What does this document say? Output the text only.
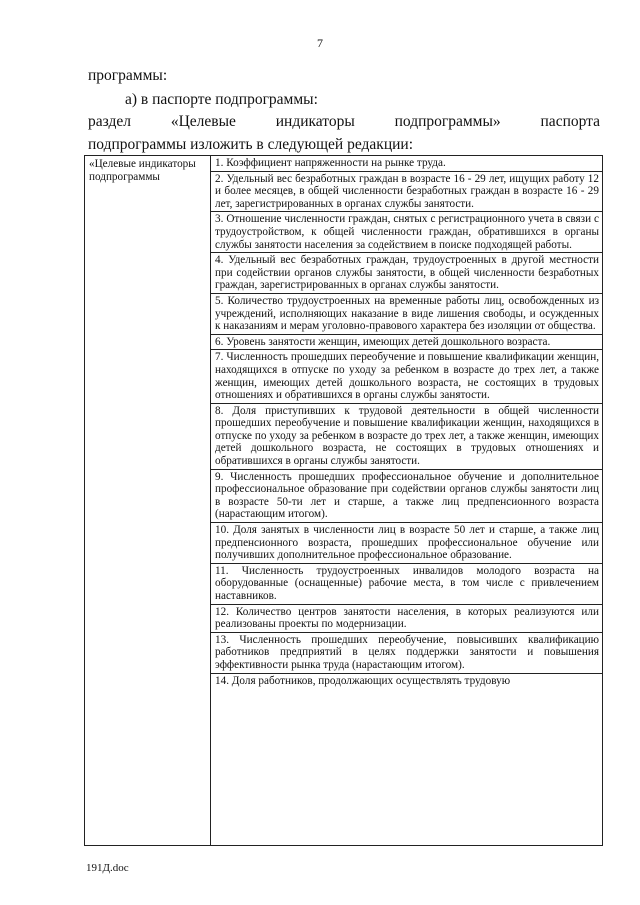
7
программы:
а) в паспорте подпрограммы:
раздел	«Целевые	индикаторы	подпрограммы»	паспорта
подпрограммы изложить в следующей редакции:
«Целевые индикаторы подпрограммы
1. Коэффициент напряженности на рынке труда.
2. Удельный вес безработных граждан в возрасте 16 - 29 лет, ищущих работу 12 и более месяцев, в общей численности безработных граждан в возрасте 16 - 29 лет, зарегистрированных в органах службы занятости.
3. Отношение численности граждан, снятых с регистрационного учета в связи с трудоустройством, к общей численности граждан, обратившихся в органы службы занятости населения за содействием в поиске подходящей работы.
4. Удельный вес безработных граждан, трудоустроенных в другой местности при содействии органов службы занятости, в общей численности безработных граждан, зарегистрированных в органах службы занятости.
5. Количество трудоустроенных на временные работы лиц, освобожденных из учреждений, исполняющих наказание в виде лишения свободы, и осужденных к наказаниям и мерам уголовно-правового характера без изоляции от общества.
6. Уровень занятости женщин, имеющих детей дошкольного возраста.
7. Численность прошедших переобучение и повышение квалификации женщин, находящихся в отпуске по уходу за ребенком в возрасте до трех лет, а также женщин, имеющих детей дошкольного возраста, не состоящих в трудовых отношениях и обратившихся в органы службы занятости.
8. Доля приступивших к трудовой деятельности в общей численности прошедших переобучение и повышение квалификации женщин, находящихся в отпуске по уходу за ребенком в возрасте до трех лет, а также женщин, имеющих детей дошкольного возраста, не состоящих в трудовых отношениях и обратившихся в органы службы занятости.
9. Численность прошедших профессиональное обучение и дополнительное профессиональное образование при содействии органов службы занятости лиц в возрасте 50-ти лет и старше, а также лиц предпенсионного возраста (нарастающим итогом).
10. Доля занятых в численности лиц в возрасте 50 лет и старше, а также лиц предпенсионного возраста, прошедших профессиональное обучение или получивших дополнительное профессиональное образование.
11. Численность трудоустроенных инвалидов молодого возраста на оборудованные (оснащенные) рабочие места, в том числе с привлечением наставников.
12. Количество центров занятости населения, в которых реализуются или реализованы проекты по модернизации.
13. Численность прошедших переобучение, повысивших квалификацию работников предприятий в целях поддержки занятости и повышения эффективности рынка труда (нарастающим итогом).
14. Доля работников, продолжающих осуществлять трудовую
191Д.doc
